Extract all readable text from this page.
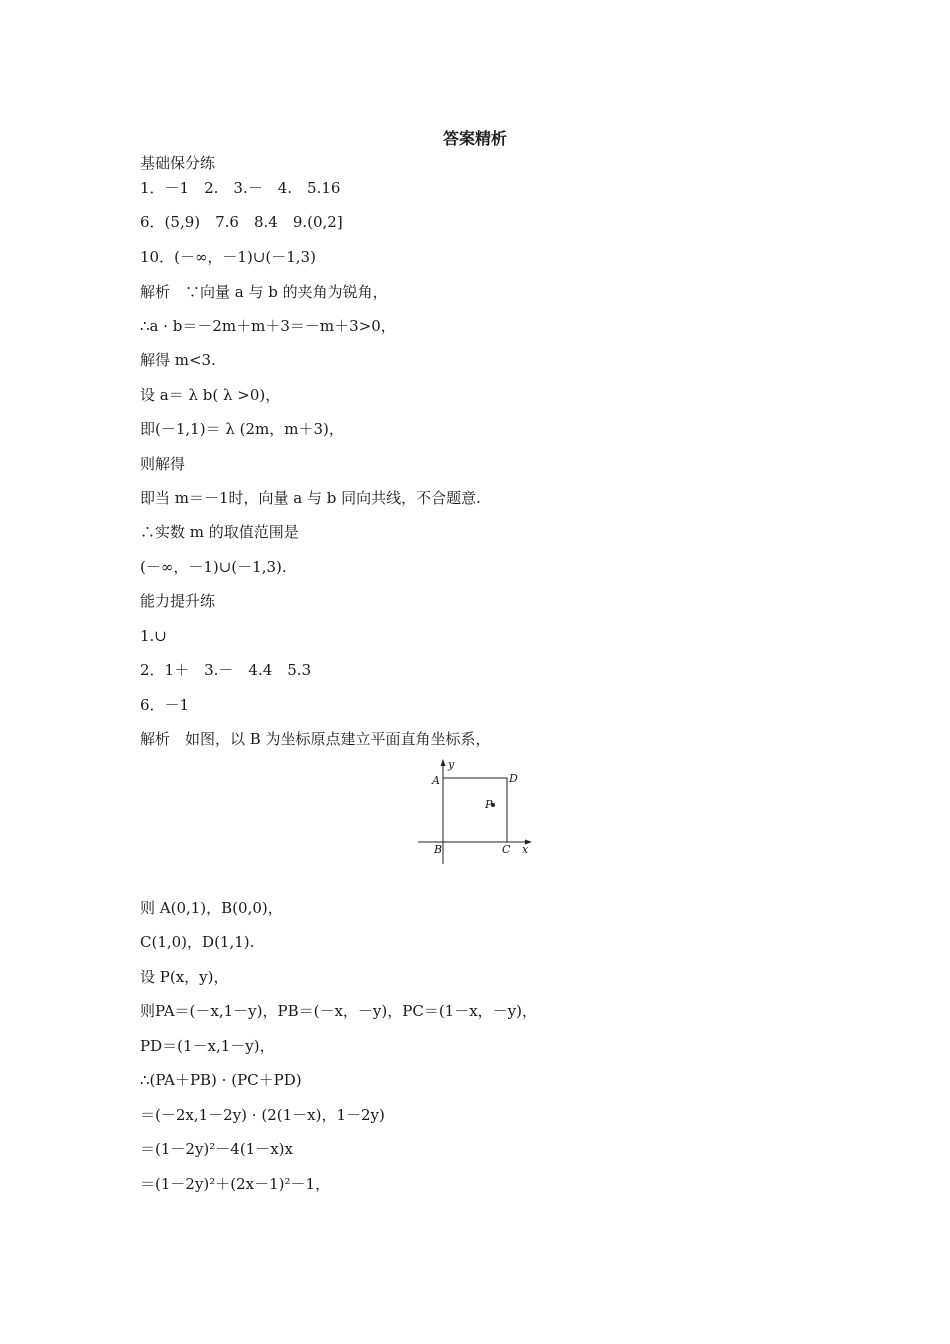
答案精析
基础保分练
1．－1　2.　3.－　4.　5.16
6．(5,9)　7.6　8.4　9.(0,2]
10．(－∞，－1)∪(－1,3)
解析　∵向量 a 与 b 的夹角为锐角，
∴a · b＝－2m＋m＋3＝－m＋3>0，
解得 m<3.
设 a＝ λ b( λ >0)，
即(－1,1)＝ λ (2m，m＋3)，
则解得
即当 m＝－1时，向量 a 与 b 同向共线，不合题意.
∴实数 m 的取值范围是
(－∞，－1)∪(－1,3).
能力提升练
1.∪
2．1＋　3.－　4.4　5.3
6．－1
解析　如图，以 B 为坐标原点建立平面直角坐标系，
y
x
A
B	C
D
P
则 A(0,1)，B(0,0)，
C(1,0)，D(1,1).
设 P(x，y)，
则PA＝(－x,1－y)，PB＝(－x，－y)，PC＝(1－x，－y)，
PD＝(1－x,1－y)，
∴(PA＋PB) · (PC＋PD)
＝(－2x,1－2y) · (2(1－x)，1－2y)
＝(1－2y)²－4(1－x)x
＝(1－2y)²＋(2x－1)²－1，
